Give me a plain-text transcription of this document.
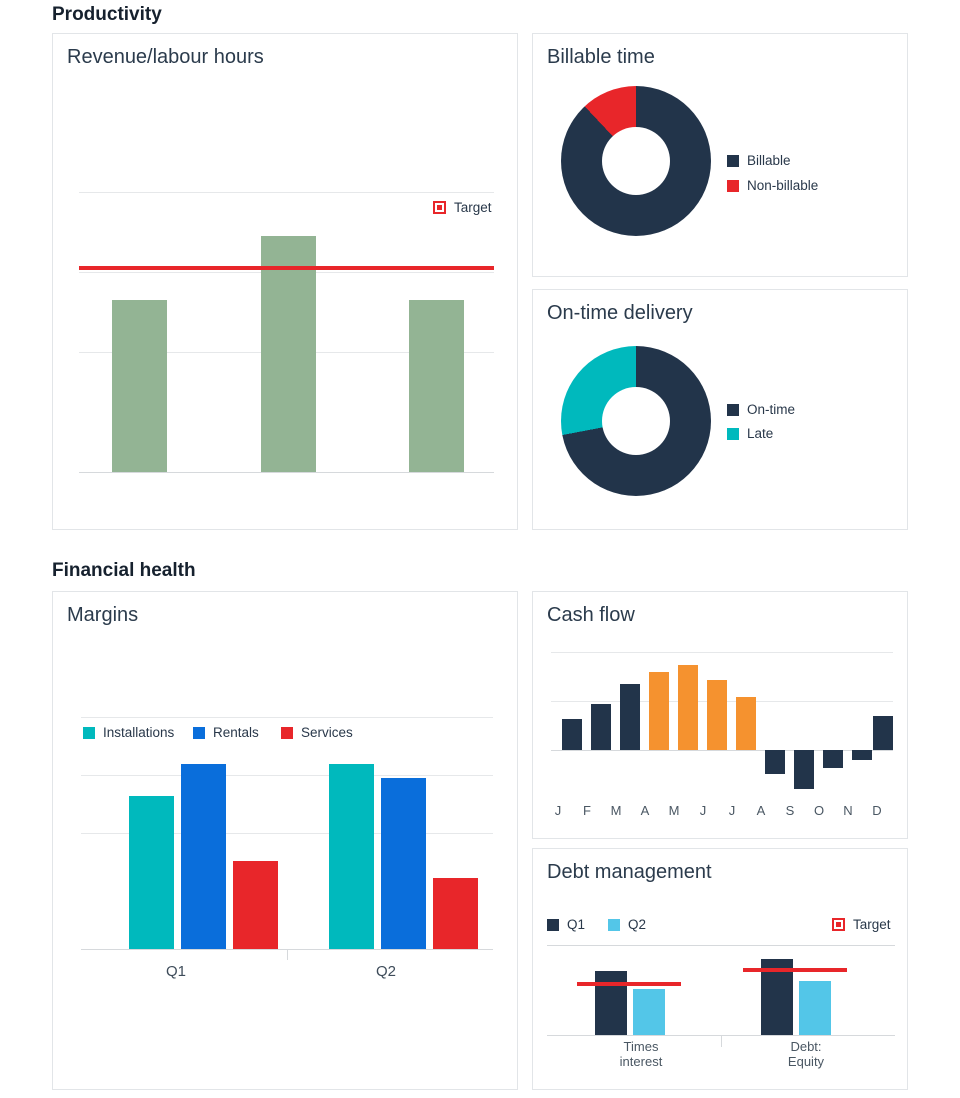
Productivity
Revenue/labour hours
Target
Billable time
Billable
Non-billable
On-time delivery
On-time
Late
Financial health
Margins
Installations	Rentals	Services
Q1	Q2
Cash flow
J	F	M	A	M	J	J	A	S	O	N	D
Debt management
Q1	Q2	Target
Times
interest
Debt:
Equity
